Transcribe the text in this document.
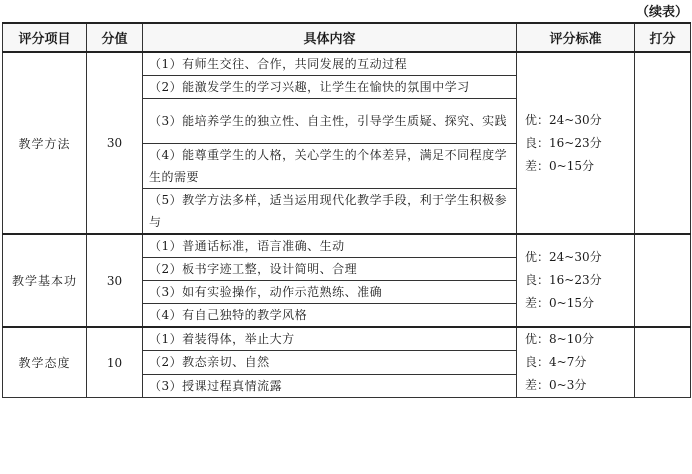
（续表）
评分项目	分值	具体内容	评分标准	打分
教学方法	30	（1）有师生交往、合作，共同发展的互动过程	优：24~30分
良：16~23分
差：0~15分	

		（2）能激发学生的学习兴趣，让学生在愉快的氛围中学习		
		（3）能培养学生的独立性、自主性，引导学生质疑、探究、实践		
		（4）能尊重学生的人格，关心学生的个体差异，满足不同程度学生的需要		
		（5）教学方法多样，适当运用现代化教学手段，利于学生积极参与		
教学基本功	30	（1）普通话标准，语言准确、生动	优：24~30分
良：16~23分
差：0~15分	

		（2）板书字迹工整，设计简明、合理		
		（3）如有实验操作，动作示范熟练、准确		
		（4）有自己独特的教学风格		
教学态度	10	（1）着装得体，举止大方	优：8~10分
良：4~7分
差：0~3分	

		（2）教态亲切、自然		
		（3）授课过程真情流露		
